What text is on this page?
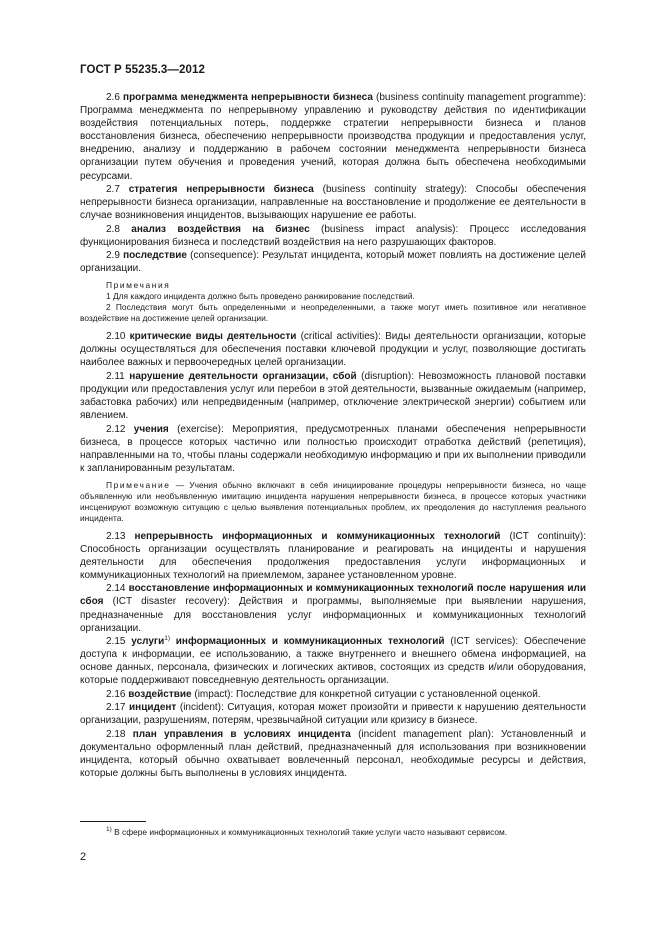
ГОСТ Р 55235.3—2012

2.6 программа менеджмента непрерывности бизнеса (business continuity management programme): Программа менеджмента по непрерывному управлению и руководству действия по идентификации воздействия потенциальных потерь, поддержке стратегии непрерывности бизнеса и планов восстановления бизнеса, обеспечению непрерывности производства продукции и предоставления услуг, внедрению, анализу и поддержанию в рабочем состоянии менеджмента непрерывности бизнеса организации путем обучения и проведения учений, которая должна быть обеспечена необходимыми ресурсами.

2.7 стратегия непрерывности бизнеса (business continuity strategy): Способы обеспечения непрерывности бизнеса организации, направленные на восстановление и продолжение ее деятельности в случае возникновения инцидентов, вызывающих нарушение ее работы.

2.8 анализ воздействия на бизнес (business impact analysis): Процесс исследования функционирования бизнеса и последствий воздействия на него разрушающих факторов.

2.9 последствие (consequence): Результат инцидента, который может повлиять на достижение целей организации.

Примечания

1 Для каждого инцидента должно быть проведено ранжирование последствий.

2 Последствия могут быть определенными и неопределенными, а также могут иметь позитивное или негативное воздействие на достижение целей организации.

2.10 критические виды деятельности (critical activities): Виды деятельности организации, которые должны осуществляться для обеспечения поставки ключевой продукции и услуг, позволяющие достигать наиболее важных и первоочередных целей организации.

2.11 нарушение деятельности организации, сбой (disruption): Невозможность плановой поставки продукции или предоставления услуг или перебои в этой деятельности, вызванные ожидаемым (например, забастовка рабочих) или непредвиденным (например, отключение электрической энергии) событием или явлением.

2.12 учения (exercise): Мероприятия, предусмотренных планами обеспечения непрерывности бизнеса, в процессе которых частично или полностью происходит отработка действий (репетиция), направленными на то, чтобы планы содержали необходимую информацию и при их выполнении приводили к запланированным результатам.

Примечание — Учения обычно включают в себя инициирование процедуры непрерывности бизнеса, но чаще объявленную или необъявленную имитацию инцидента нарушения непрерывности бизнеса, в процессе которых участники инсценируют возможную ситуацию с целью выявления потенциальных проблем, их преодоления до наступления реального инцидента.

2.13 непрерывность информационных и коммуникационных технологий (ICT continuity): Способность организации осуществлять планирование и реагировать на инциденты и нарушения деятельности для обеспечения продолжения предоставления услуги информационных и коммуникационных технологий на приемлемом, заранее установленном уровне.

2.14 восстановление информационных и коммуникационных технологий после нарушения или сбоя (ICT disaster recovery): Действия и программы, выполняемые при выявлении нарушения, предназначенные для восстановления услуг информационных и коммуникационных технологий организации.

2.15 услуги$^{1)}$ информационных и коммуникационных технологий (ICT services): Обеспечение доступа к информации, ее использованию, а также внутреннего и внешнего обмена информацией, на основе данных, персонала, физических и логических активов, состоящих из средств и/или оборудования, которые поддерживают повседневную деятельность организации.

2.16 воздействие (impact): Последствие для конкретной ситуации с установленной оценкой.

2.17 инцидент (incident): Ситуация, которая может произойти и привести к нарушению деятельности организации, разрушениям, потерям, чрезвычайной ситуации или кризису в бизнесе.

2.18 план управления в условиях инцидента (incident management plan): Установленный и документально оформленный план действий, предназначенный для использования при возникновении инцидента, который обычно охватывает вовлеченный персонал, необходимые ресурсы и действия, которые должны быть выполнены в условиях инцидента.

$^{1)}$ В сфере информационных и коммуникационных технологий такие услуги часто называют сервисом.
2
